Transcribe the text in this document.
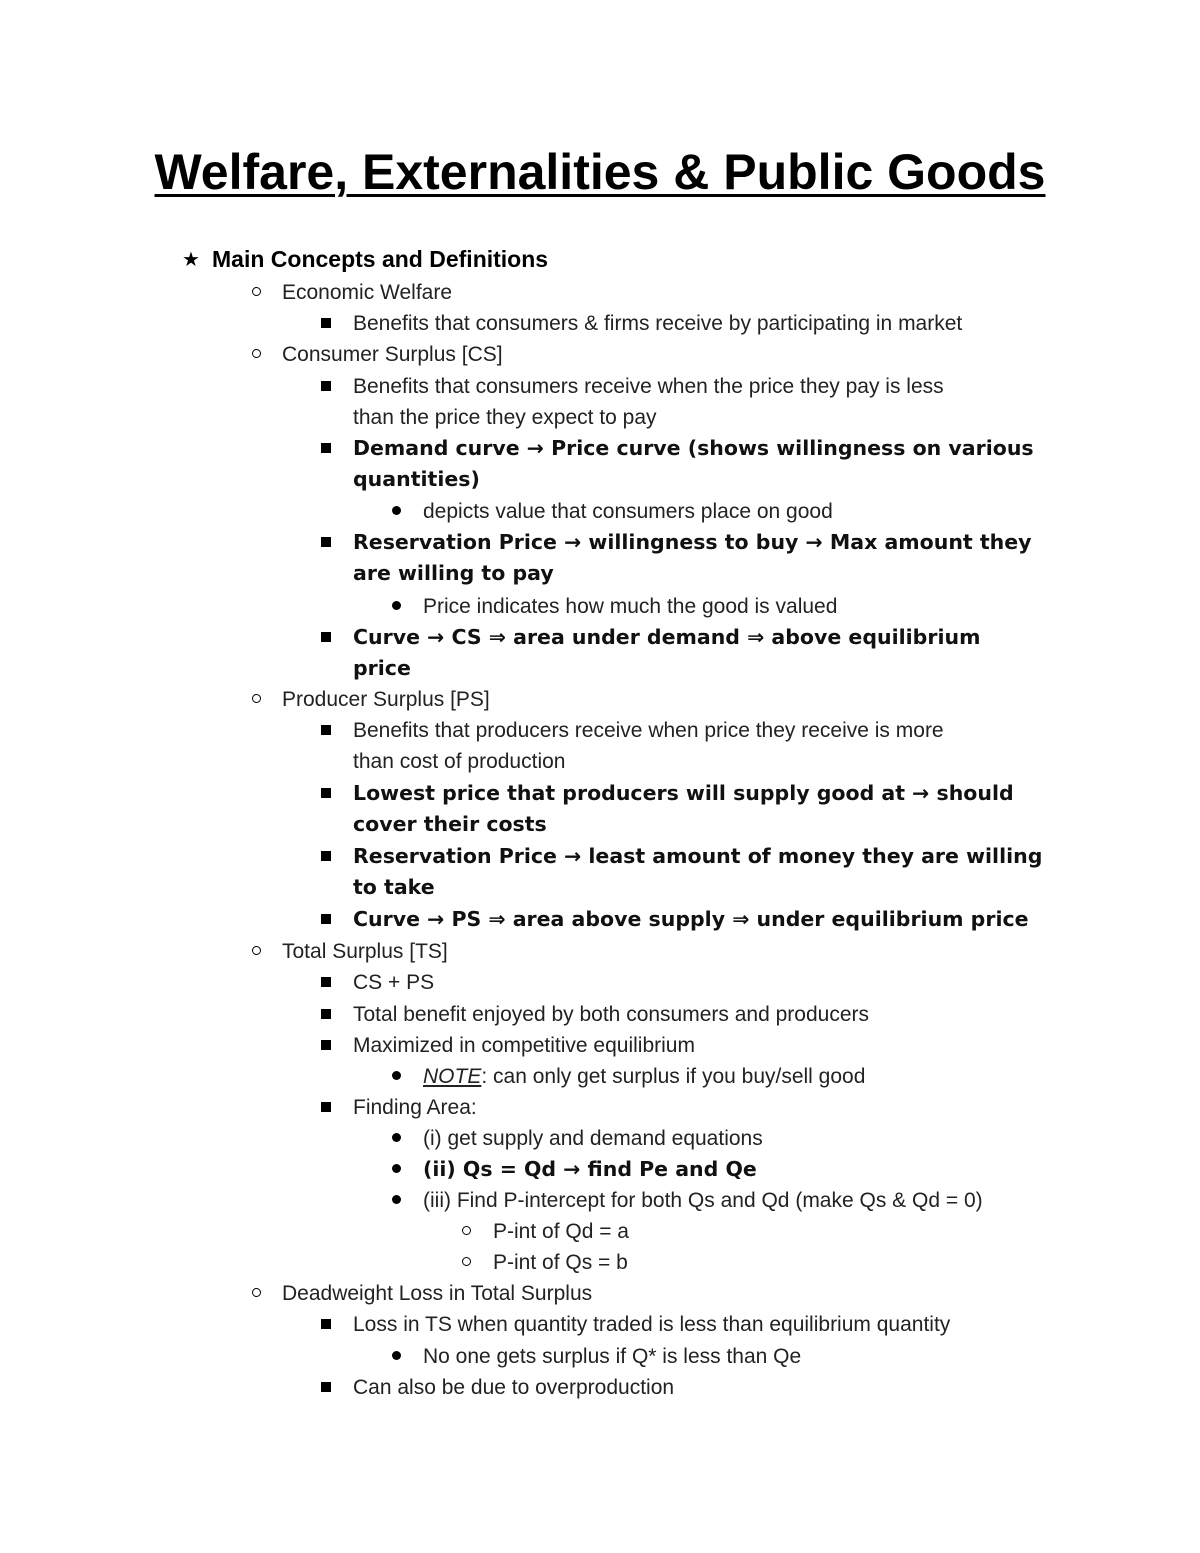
Welfare, Externalities & Public Goods
★ Main Concepts and Definitions
Economic Welfare
Benefits that consumers & firms receive by participating in market
Consumer Surplus [CS]
Benefits that consumers receive when the price they pay is less
than the price they expect to pay
Demand curve → Price curve (shows willingness on various
quantities)
depicts value that consumers place on good
Reservation Price → willingness to buy → Max amount they
are willing to pay
Price indicates how much the good is valued
Curve → CS ⇒ area under demand ⇒ above equilibrium
price
Producer Surplus [PS]
Benefits that producers receive when price they receive is more
than cost of production
Lowest price that producers will supply good at → should
cover their costs
Reservation Price → least amount of money they are willing
to take
Curve → PS ⇒ area above supply ⇒ under equilibrium price
Total Surplus [TS]
CS + PS
Total benefit enjoyed by both consumers and producers
Maximized in competitive equilibrium
NOTE: can only get surplus if you buy/sell good
Finding Area:
(i) get supply and demand equations
(ii) Qs = Qd → find Pe and Qe
(iii) Find P-intercept for both Qs and Qd (make Qs & Qd = 0)
P-int of Qd = a
P-int of Qs = b
Deadweight Loss in Total Surplus
Loss in TS when quantity traded is less than equilibrium quantity
No one gets surplus if Q* is less than Qe
Can also be due to overproduction
